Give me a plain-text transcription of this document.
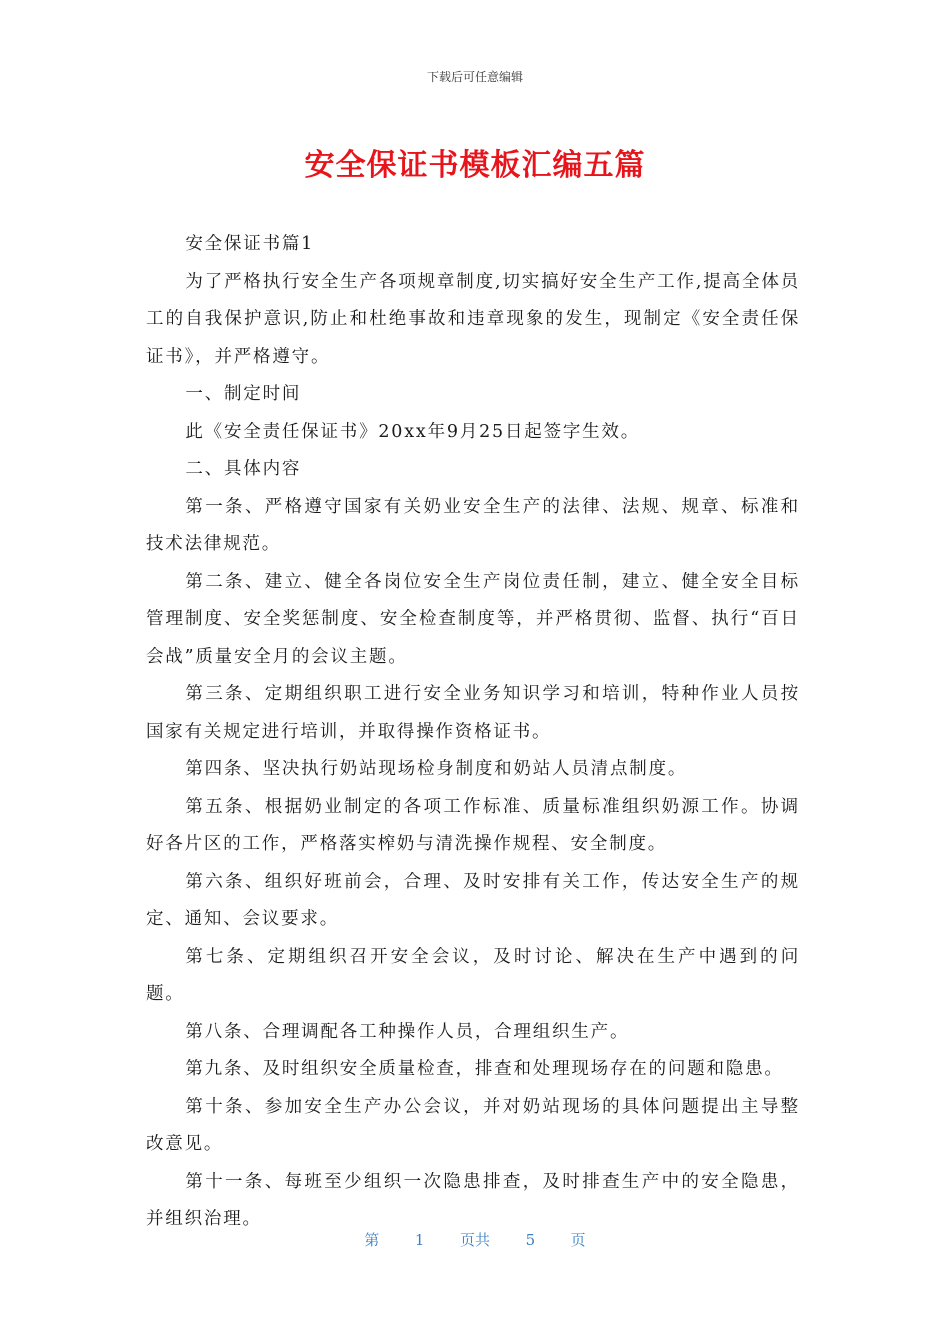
下载后可任意编辑
安全保证书模板汇编五篇

安全保证书篇1

为了严格执行安全生产各项规章制度,切实搞好安全生产工作,提高全体员工的自我保护意识,防止和杜绝事故和违章现象的发生，现制定《安全责任保证书》，并严格遵守。

一、制定时间

此《安全责任保证书》20xx年9月25日起签字生效。

二、具体内容

第一条、严格遵守国家有关奶业安全生产的法律、法规、规章、标准和技术法律规范。

第二条、建立、健全各岗位安全生产岗位责任制，建立、健全安全目标管理制度、安全奖惩制度、安全检查制度等，并严格贯彻、监督、执行“百日会战”质量安全月的会议主题。

第三条、定期组织职工进行安全业务知识学习和培训，特种作业人员按国家有关规定进行培训，并取得操作资格证书。

第四条、坚决执行奶站现场检身制度和奶站人员清点制度。

第五条、根据奶业制定的各项工作标准、质量标准组织奶源工作。协调好各片区的工作，严格落实榨奶与清洗操作规程、安全制度。

第六条、组织好班前会，合理、及时安排有关工作，传达安全生产的规定、通知、会议要求。

第七条、定期组织召开安全会议，及时讨论、解决在生产中遇到的问题。

第八条、合理调配各工种操作人员，合理组织生产。

第九条、及时组织安全质量检查，排查和处理现场存在的问题和隐患。

第十条、参加安全生产办公会议，并对奶站现场的具体问题提出主导整改意见。

第十一条、每班至少组织一次隐患排查，及时排查生产中的安全隐患，并组织治理。

第 1 页共 5 页
